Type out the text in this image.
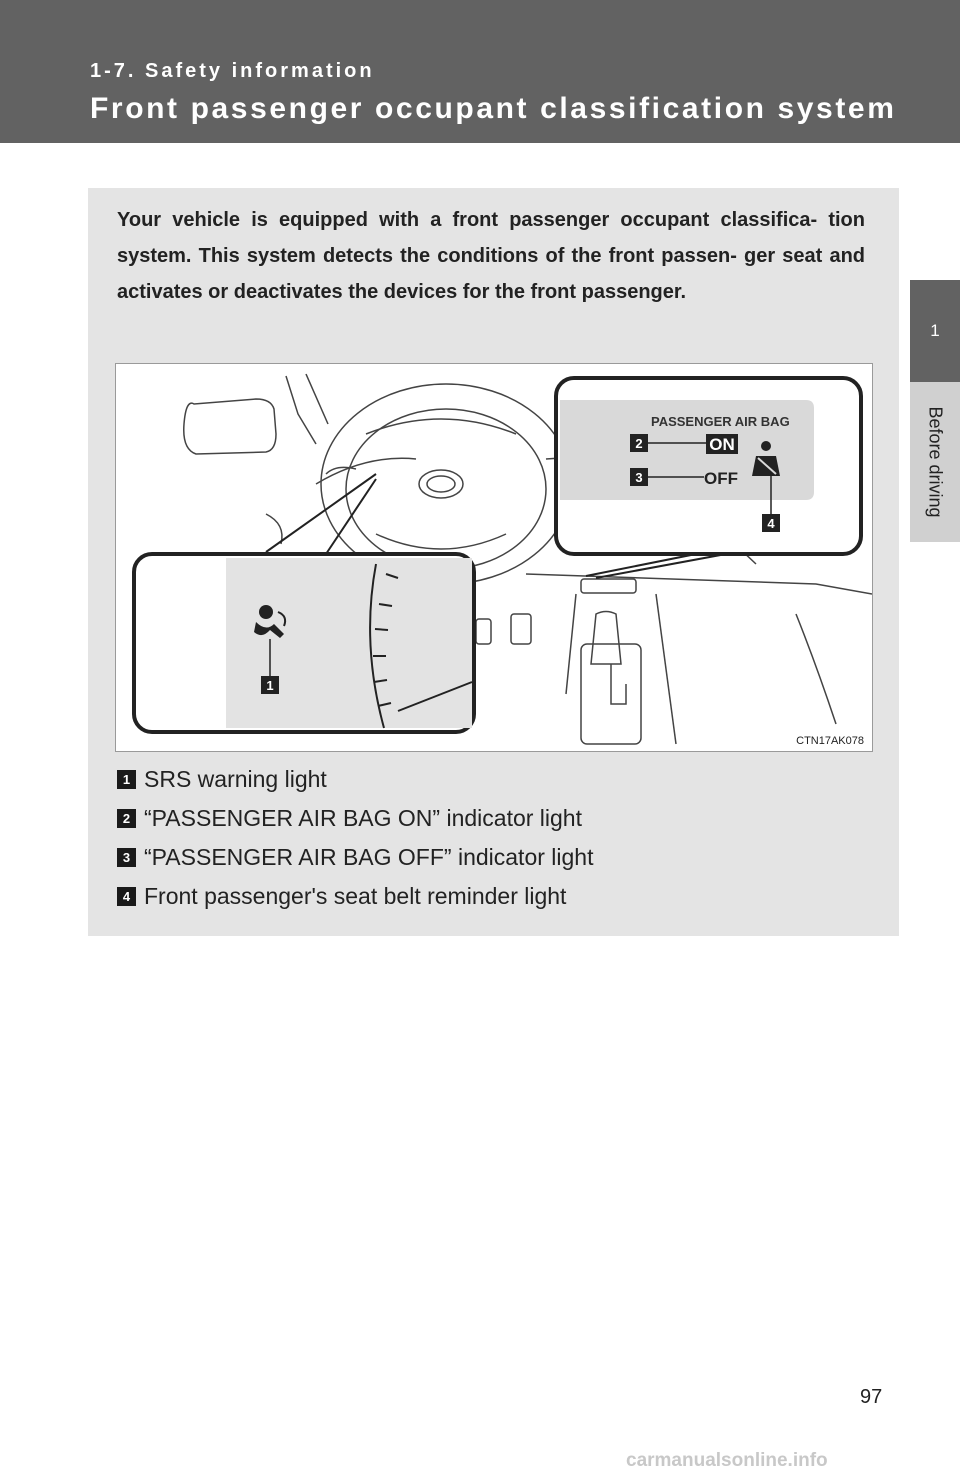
1-7. Safety information
Front passenger occupant classification system
1
Before driving
Your vehicle is equipped with a front passenger occupant classifica- tion system. This system detects the conditions of the front passen- ger seat and activates or deactivates the devices for the front passenger.
1
PASSENGER AIR BAG
ON
OFF
2
3
4
CTN17AK078
1 SRS warning light
2 “PASSENGER AIR BAG ON” indicator light
3 “PASSENGER AIR BAG OFF” indicator light
4 Front passenger's seat belt reminder light
97
carmanualsonline.info
